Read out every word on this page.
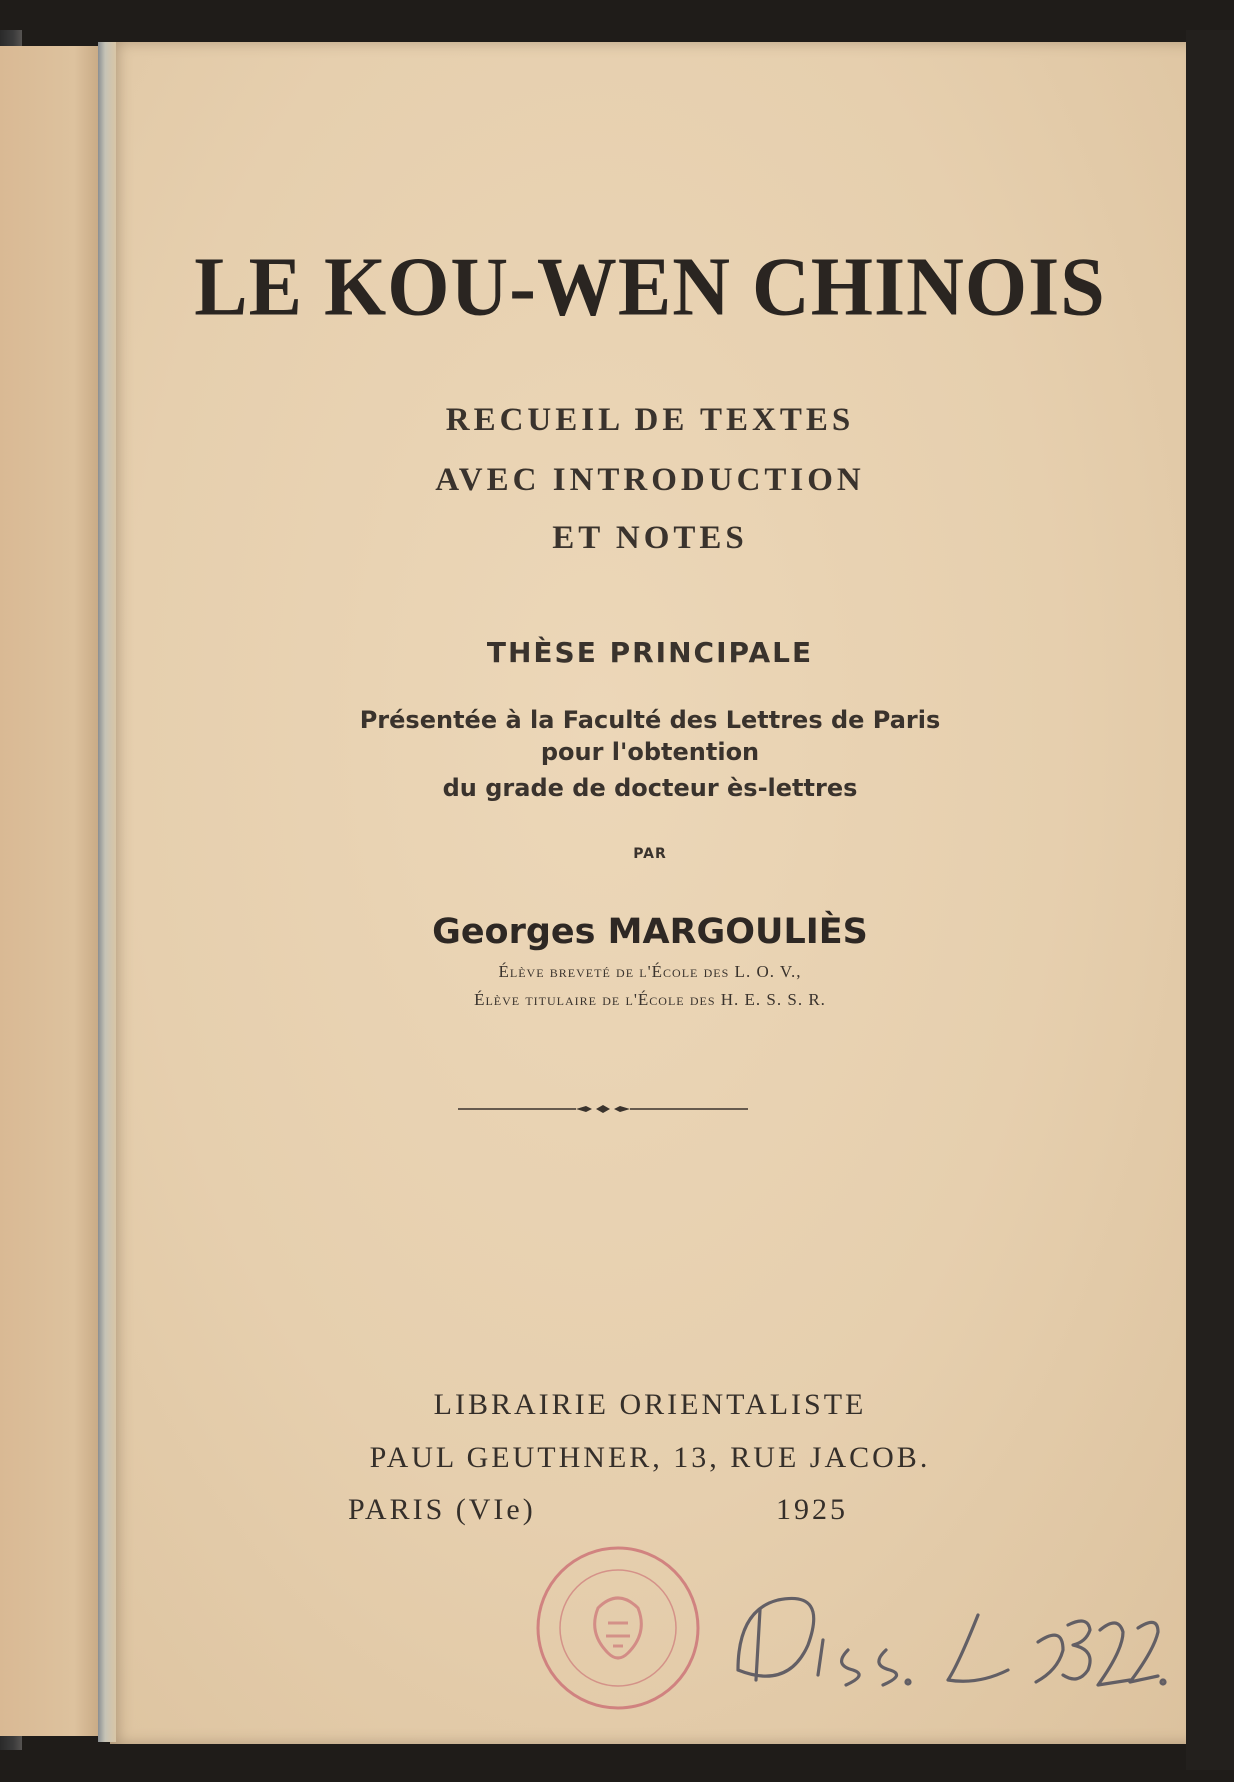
LE KOU-WEN CHINOIS

RECUEIL DE TEXTES

AVEC INTRODUCTION

ET NOTES

THÈSE PRINCIPALE

Présentée à la Faculté des Lettres de Paris

pour l'obtention

du grade de docteur ès-lettres

PAR

Georges MARGOULIÈS

Élève breveté de l'École des L. O. V.,

Élève titulaire de l'École des H. E. S. S. R.

LIBRAIRIE ORIENTALISTE

PAUL GEUTHNER, 13, RUE JACOB.

PARIS (VIe)	1925
